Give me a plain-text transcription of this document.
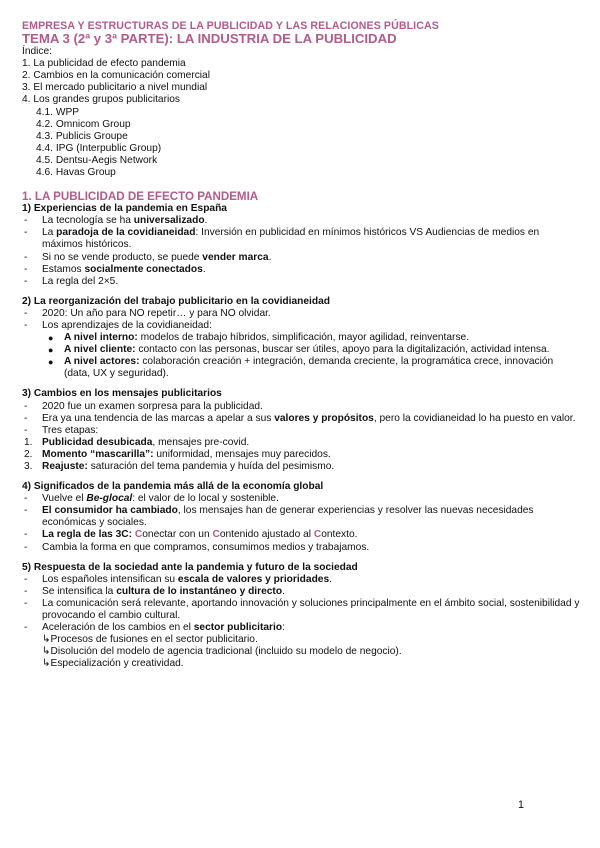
EMPRESA Y ESTRUCTURAS DE LA PUBLICIDAD Y LAS RELACIONES PÚBLICAS
TEMA 3 (2ª y 3ª PARTE): LA INDUSTRIA DE LA PUBLICIDAD
Índice:
1. La publicidad de efecto pandemia
2. Cambios en la comunicación comercial
3. El mercado publicitario a nivel mundial
4. Los grandes grupos publicitarios
4.1. WPP
4.2. Omnicom Group
4.3. Publicis Groupe
4.4. IPG (Interpublic Group)
4.5. Dentsu-Aegis Network
4.6. Havas Group
1. LA PUBLICIDAD DE EFECTO PANDEMIA
1) Experiencias de la pandemia en España
- La tecnología se ha universalizado.
- La paradoja de la covidianeidad: Inversión en publicidad en mínimos históricos VS Audiencias de medios en máximos históricos.
- Si no se vende producto, se puede vender marca.
- Estamos socialmente conectados.
- La regla del 2×5.
2) La reorganización del trabajo publicitario en la covidianeidad
- 2020: Un año para NO repetir… y para NO olvidar.
- Los aprendizajes de la covidianeidad:
● A nivel interno: modelos de trabajo híbridos, simplificación, mayor agilidad, reinventarse.
● A nivel cliente: contacto con las personas, buscar ser útiles, apoyo para la digitalización, actividad intensa.
● A nivel actores: colaboración creación + integración, demanda creciente, la programática crece, innovación (data, UX y seguridad).
3) Cambios en los mensajes publicitarios
- 2020 fue un examen sorpresa para la publicidad.
- Era ya una tendencia de las marcas a apelar a sus valores y propósitos, pero la covidianeidad lo ha puesto en valor.
- Tres etapas:
1. Publicidad desubicada, mensajes pre-covid.
2. Momento “mascarilla”: uniformidad, mensajes muy parecidos.
3. Reajuste: saturación del tema pandemia y huída del pesimismo.
4) Significados de la pandemia más allá de la economía global
- Vuelve el Be-glocal: el valor de lo local y sostenible.
- El consumidor ha cambiado, los mensajes han de generar experiencias y resolver las nuevas necesidades económicas y sociales.
- La regla de las 3C: Conectar con un Contenido ajustado al Contexto.
- Cambia la forma en que compramos, consumimos medios y trabajamos.
5) Respuesta de la sociedad ante la pandemia y futuro de la sociedad
- Los españoles intensifican su escala de valores y prioridades.
- Se intensifica la cultura de lo instantáneo y directo.
- La comunicación será relevante, aportando innovación y soluciones principalmente en el ámbito social, sostenibilidad y provocando el cambio cultural.
- Aceleración de los cambios en el sector publicitario:
↳Procesos de fusiones en el sector publicitario.
↳Disolución del modelo de agencia tradicional (incluido su modelo de negocio).
↳Especialización y creatividad.
1
